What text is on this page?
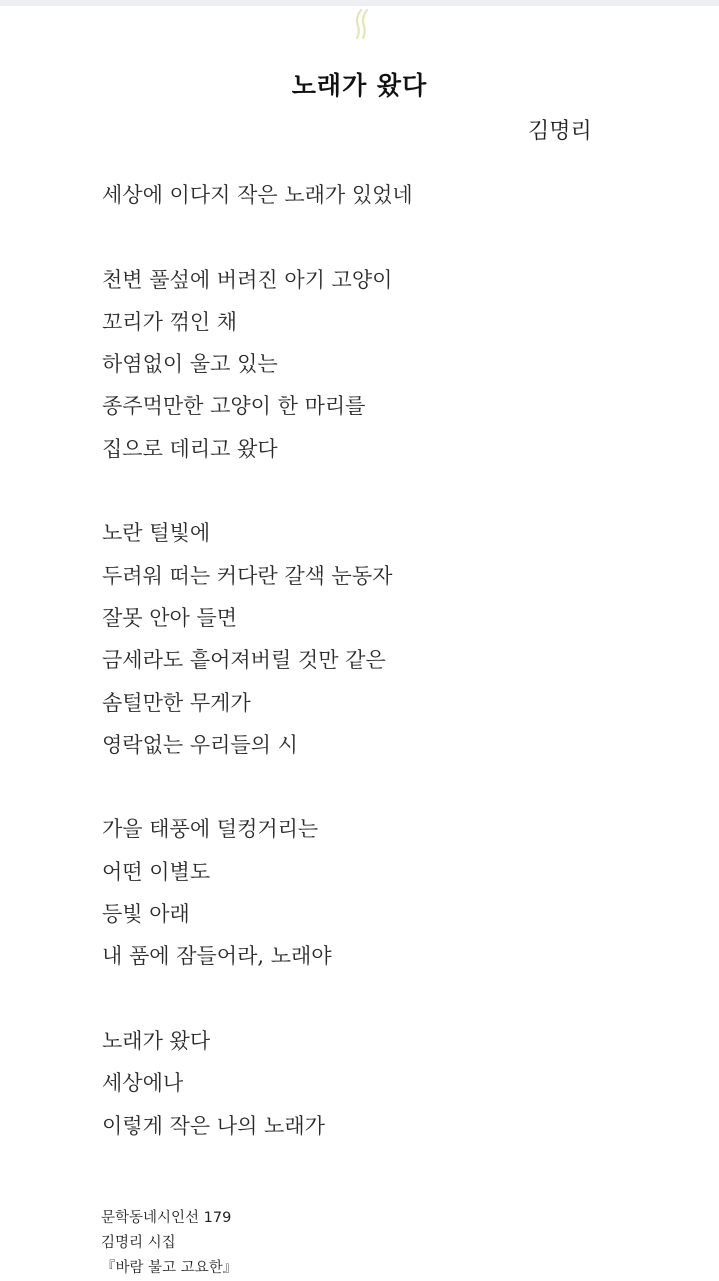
노래가 왔다
김명리
세상에 이다지 작은 노래가 있었네
천변 풀섶에 버려진 아기 고양이
꼬리가 꺾인 채
하염없이 울고 있는
종주먹만한 고양이 한 마리를
집으로 데리고 왔다
노란 털빛에
두려워 떠는 커다란 갈색 눈동자
잘못 안아 들면
금세라도 흩어져버릴 것만 같은
솜털만한 무게가
영락없는 우리들의 시
가을 태풍에 덜컹거리는
어떤 이별도
등빛 아래
내 품에 잠들어라, 노래야
노래가 왔다
세상에나
이렇게 작은 나의 노래가
문학동네시인선 179
김명리 시집
『바람 불고 고요한』
